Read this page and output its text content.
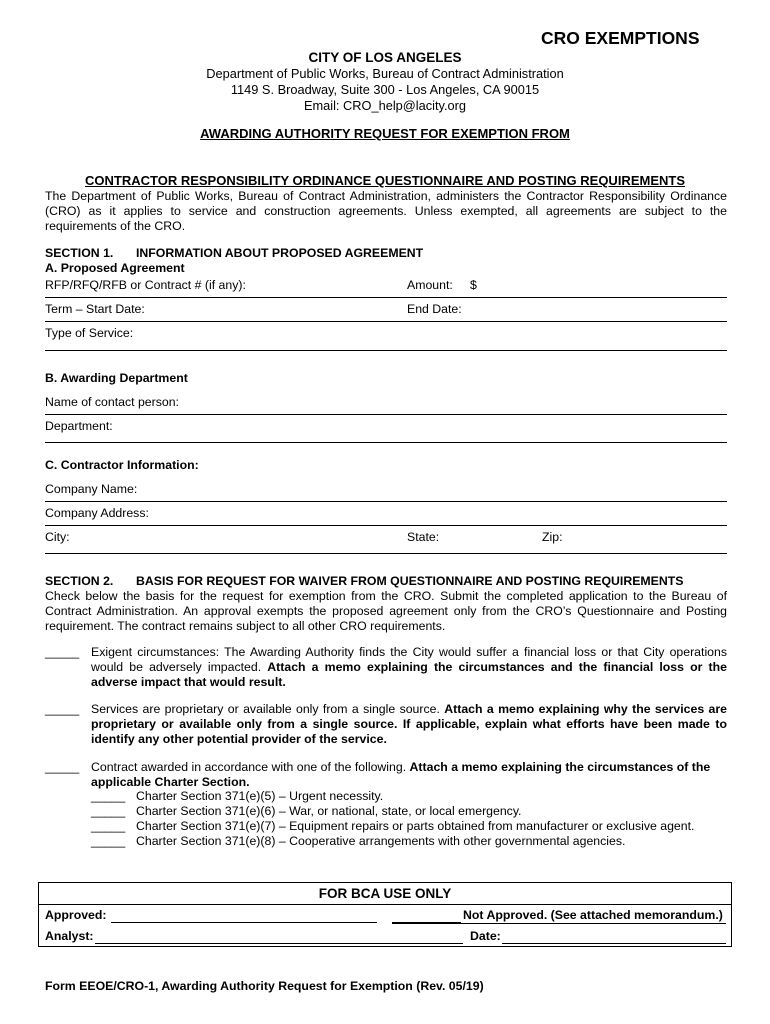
CRO EXEMPTIONS
CITY OF LOS ANGELES
Department of Public Works, Bureau of Contract Administration
1149 S. Broadway, Suite 300 - Los Angeles, CA 90015
Email: CRO_help@lacity.org
AWARDING AUTHORITY REQUEST FOR EXEMPTION FROM
CONTRACTOR RESPONSIBILITY ORDINANCE QUESTIONNAIRE AND POSTING REQUIREMENTS
The Department of Public Works, Bureau of Contract Administration, administers the Contractor Responsibility Ordinance (CRO) as it applies to service and construction agreements. Unless exempted, all agreements are subject to the requirements of the CRO.
SECTION 1. INFORMATION ABOUT PROPOSED AGREEMENT
A. Proposed Agreement
RFP/RFQ/RFB or Contract # (if any):	Amount: $
Term – Start Date:	End Date:
Type of Service:
B. Awarding Department
Name of contact person:
Department:
C. Contractor Information:
Company Name:
Company Address:
City:	State:	Zip:
SECTION 2. BASIS FOR REQUEST FOR WAIVER FROM QUESTIONNAIRE AND POSTING REQUIREMENTS
Check below the basis for the request for exemption from the CRO. Submit the completed application to the Bureau of Contract Administration. An approval exempts the proposed agreement only from the CRO’s Questionnaire and Posting requirement. The contract remains subject to all other CRO requirements.
_____ Exigent circumstances: The Awarding Authority finds the City would suffer a financial loss or that City operations would be adversely impacted. Attach a memo explaining the circumstances and the financial loss or the adverse impact that would result.
_____ Services are proprietary or available only from a single source. Attach a memo explaining why the services are proprietary or available only from a single source. If applicable, explain what efforts have been made to identify any other potential provider of the service.
_____ Contract awarded in accordance with one of the following. Attach a memo explaining the circumstances of the applicable Charter Section.
_____ Charter Section 371(e)(5) – Urgent necessity.
_____ Charter Section 371(e)(6) – War, or national, state, or local emergency.
_____ Charter Section 371(e)(7) – Equipment repairs or parts obtained from manufacturer or exclusive agent.
_____ Charter Section 371(e)(8) – Cooperative arrangements with other governmental agencies.
FOR BCA USE ONLY
Approved:	Not Approved. (See attached memorandum.)
Analyst:	Date:
Form EEOE/CRO-1, Awarding Authority Request for Exemption (Rev. 05/19)
